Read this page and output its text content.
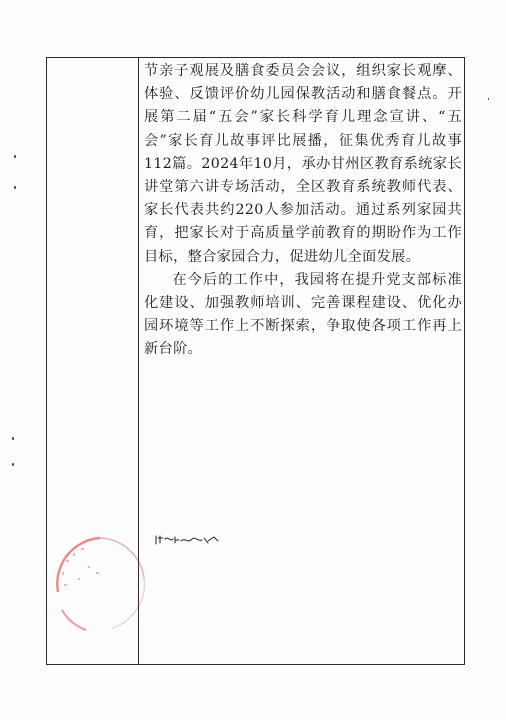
节亲子观展及膳食委员会会议，组织家长观摩、体验、反馈评价幼儿园保教活动和膳食餐点。开展第二届“五会”家长科学育儿理念宣讲、“五会”家长育儿故事评比展播，征集优秀育儿故事112篇。2024年10月，承办甘州区教育系统家长讲堂第六讲专场活动，全区教育系统教师代表、家长代表共约220人参加活动。通过系列家园共育，把家长对于高质量学前教育的期盼作为工作目标，整合家园合力，促进幼儿全面发展。

在今后的工作中，我园将在提升党支部标准化建设、加强教师培训、完善课程建设、优化办园环境等工作上不断探索，争取使各项工作再上新台阶。
